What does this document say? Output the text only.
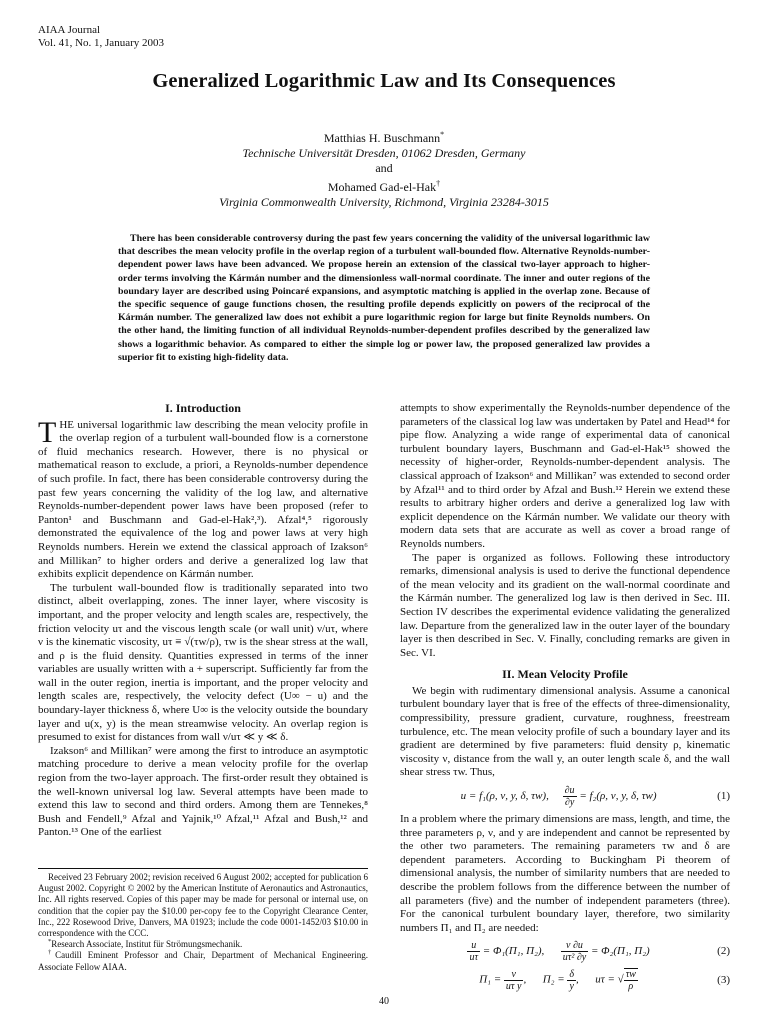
AIAA Journal
Vol. 41, No. 1, January 2003
Generalized Logarithmic Law and Its Consequences
Matthias H. Buschmann*
Technische Universität Dresden, 01062 Dresden, Germany
and
Mohamed Gad-el-Hak†
Virginia Commonwealth University, Richmond, Virginia 23284-3015
There has been considerable controversy during the past few years concerning the validity of the universal logarithmic law that describes the mean velocity profile in the overlap region of a turbulent wall-bounded flow. Alternative Reynolds-number-dependent power laws have been advanced. We propose herein an extension of the classical two-layer approach to higher-order terms involving the Kármán number and the dimensionless wall-normal coordinate. The inner and outer regions of the boundary layer are described using Poincaré expansions, and asymptotic matching is applied in the overlap zone. Because of the specific sequence of gauge functions chosen, the resulting profile depends explicitly on powers of the reciprocal of the Kármán number. The generalized law does not exhibit a pure logarithmic region for large but finite Reynolds numbers. On the other hand, the limiting function of all individual Reynolds-number-dependent profiles described by the generalized law shows a logarithmic behavior. As compared to either the simple log or power law, the proposed generalized law provides a superior fit to existing high-fidelity data.
I. Introduction

THE universal logarithmic law describing the mean velocity profile in the overlap region of a turbulent wall-bounded flow is a cornerstone of fluid mechanics research. However, there is no physical or mathematical reason to exclude, a priori, a Reynolds-number dependence of such profile. In fact, there has been considerable controversy during the past few years concerning the validity of the log law, and alternative Reynolds-number-dependent power laws have been proposed (refer to Panton¹ and Buschmann and Gad-el-Hak²,³). Afzal⁴,⁵ rigorously demonstrated the equivalence of the log and power laws at very high Reynolds numbers. Herein we extend the classical approach of Izakson⁶ and Millikan⁷ to higher orders and derive a generalized log law that exhibits explicit dependence on Kármán number.

The turbulent wall-bounded flow is traditionally separated into two distinct, albeit overlapping, zones. The inner layer, where viscosity is important, and the proper velocity and length scales are, respectively, the friction velocity uτ and the viscous length scale (or wall unit) ν/uτ, where ν is the kinematic viscosity, uτ ≡ √(τw/ρ), τw is the shear stress at the wall, and ρ is the fluid density. Quantities expressed in terms of the inner variables are usually written with a + superscript. Sufficiently far from the wall in the outer region, inertia is important, and the proper velocity and length scales are, respectively, the velocity defect (U∞ − u) and the boundary-layer thickness δ, where U∞ is the velocity outside the boundary layer and u(x, y) is the mean streamwise velocity. An overlap region is presumed to exist for distances from wall ν/uτ ≪ y ≪ δ.

Izakson⁶ and Millikan⁷ were among the first to introduce an asymptotic matching procedure to derive a mean velocity profile for the overlap region from the two-layer approach. The first-order result they obtained is the well-known universal log law. Several attempts have been made to extend this law to second and third orders. Among them are Tennekes,⁸ Bush and Fendell,⁹ Afzal and Yajnik,¹⁰ Afzal,¹¹ Afzal and Bush,¹² and Panton.¹³ One of the earliest

attempts to show experimentally the Reynolds-number dependence of the parameters of the classical log law was undertaken by Patel and Head¹⁴ for pipe flow. Analyzing a wide range of experimental data of canonical turbulent boundary layers, Buschmann and Gad-el-Hak¹⁵ showed the necessity of higher-order, Reynolds-number-dependent analysis. The classical approach of Izakson⁶ and Millikan⁷ was extended to second order by Afzal¹¹ and to third order by Afzal and Bush.¹² Herein we extend these results to arbitrary higher orders and derive a generalized log law with explicit dependence on the Kármán number. We validate our theory with modern data sets that are accurate as well as cover a broad range of Reynolds numbers.

The paper is organized as follows. Following these introductory remarks, dimensional analysis is used to derive the functional dependence of the mean velocity and its gradient on the wall-normal coordinate and the Kármán number. The generalized log law is then derived in Sec. III. Section IV describes the experimental evidence validating the generalized law. Departure from the generalized law in the outer layer of the boundary layer is then described in Sec. V. Finally, concluding remarks are given in Sec. VI.

II. Mean Velocity Profile

We begin with rudimentary dimensional analysis. Assume a canonical turbulent boundary layer that is free of the effects of three-dimensionality, compressibility, pressure gradient, curvature, roughness, freestream turbulence, etc. The mean velocity profile of such a boundary layer and its gradient are determined by five parameters: fluid density ρ, kinematic viscosity ν, distance from the wall y, an outer length scale δ, and the wall shear stress τw. Thus,

u = f₁(ρ, ν, y, δ, τw), $\frac{\partial u}{\partial y} = f_2(\rho$, ν, y, δ, τw)	(1)

In a problem where the primary dimensions are mass, length, and time, the three parameters ρ, ν, and y are independent and cannot be represented by the other two parameters. The remaining parameters τw and δ are dependent parameters. According to Buckingham Pi theorem of dimensional analysis, the number of similarity numbers that are needed to describe the problem follows from the difference between the number of all parameters (five) and the number of independent parameters (three). For the canonical turbulent boundary layer, therefore, two similarity numbers Π₁ and Π₂ are needed:

$\frac{u}{u\tau} = \Phi_1(\Pi_1$, Π₂), $\frac{\nu \partial u}{\text{uτ² ∂y}} = \Phi_2(\Pi_1$, Π₂)	(2)
$\Pi_1 = \frac{\nu}{\text{uτ y}}$ ,      $\Pi_2 = \frac{\delta}{y}$ ,      uτ = √ $\frac{\tau w}{\rho}$	(3)

Received 23 February 2002; revision received 6 August 2002; accepted for publication 6 August 2002. Copyright © 2002 by the American Institute of Aeronautics and Astronautics, Inc. All rights reserved. Copies of this paper may be made for personal or internal use, on condition that the copier pay the $10.00 per-copy fee to the Copyright Clearance Center, Inc., 222 Rosewood Drive, Danvers, MA 01923; include the code 0001-1452/03 $10.00 in correspondence with the CCC.

*Research Associate, Institut für Strömungsmechanik.

†Caudill Eminent Professor and Chair, Department of Mechanical Engineering. Associate Fellow AIAA.

40
